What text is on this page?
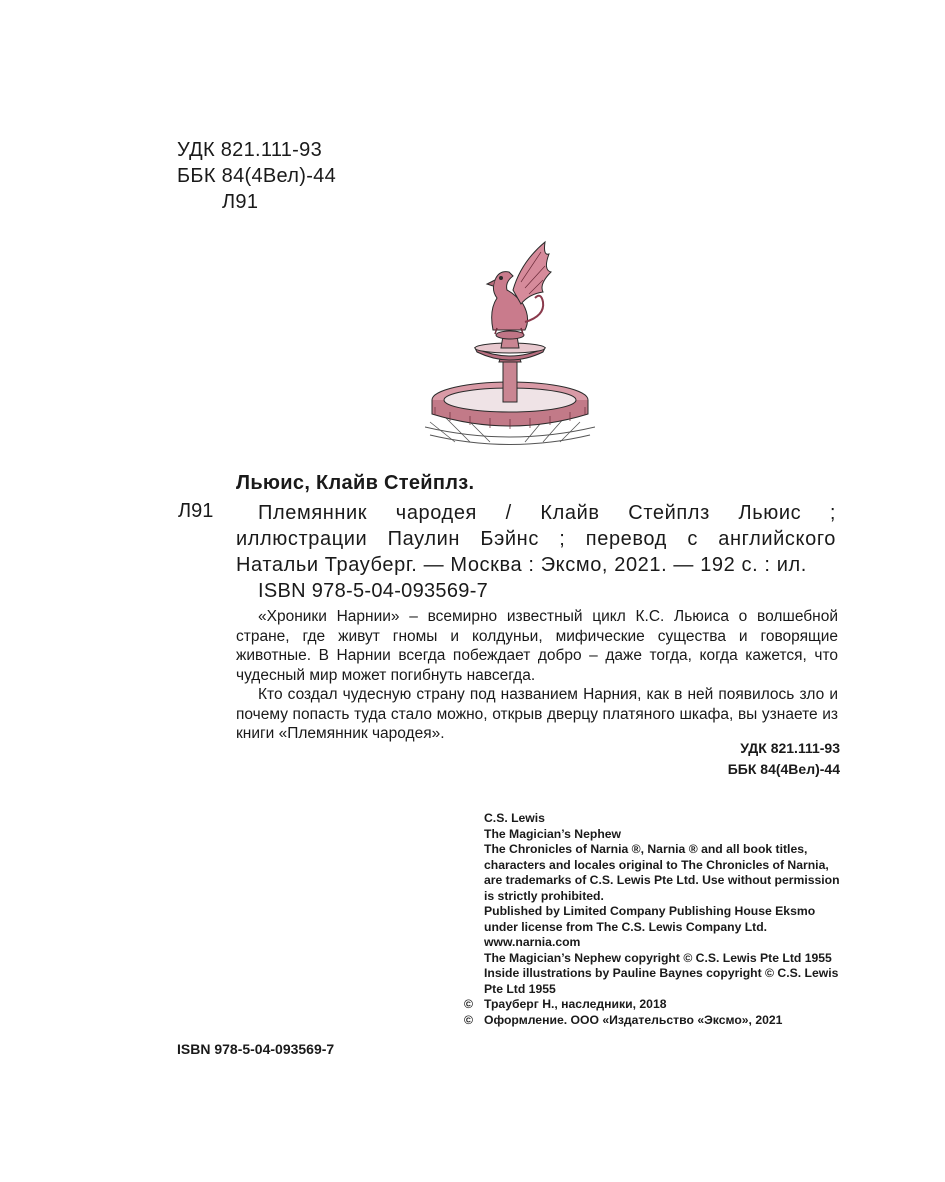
УДК 821.111-93
ББК 84(4Вел)-44
Л91
Льюис, Клайв Стейплз.
Л91	Племянник чародея / Клайв Стейплз Льюис ; иллюстрации Паулин Бэйнс ; перевод с английского Натальи Трауберг. — Москва : Эксмо, 2021. — 192 с. : ил.
ISBN 978-5-04-093569-7

«Хроники Нарнии» – всемирно известный цикл К.С. Льюиса о волшебной стране, где живут гномы и колдуньи, мифические существа и говорящие животные. В Нарнии всегда побеждает добро – даже тогда, когда кажется, что чудесный мир может погибнуть навсегда.

Кто создал чудесную страну под названием Нарния, как в ней появилось зло и почему попасть туда стало можно, открыв дверцу платяного шкафа, вы узнаете из книги «Племянник чародея».

УДК 821.111-93
ББК 84(4Вел)-44
C.S. Lewis
The Magician’s Nephew
The Chronicles of Narnia ®, Narnia ® and all book titles, characters and locales original to The Chronicles of Narnia, are trademarks of C.S. Lewis Pte Ltd. Use without permission is strictly prohibited.
Published by Limited Company Publishing House Eksmo under license from The C.S. Lewis Company Ltd.
www.narnia.com
The Magician’s Nephew copyright © C.S. Lewis Pte Ltd 1955
Inside illustrations by Pauline Baynes copyright © C.S. Lewis Pte Ltd 1955
© Трауберг Н., наследники, 2018
© Оформление. ООО «Издательство «Эксмо», 2021
ISBN 978-5-04-093569-7
